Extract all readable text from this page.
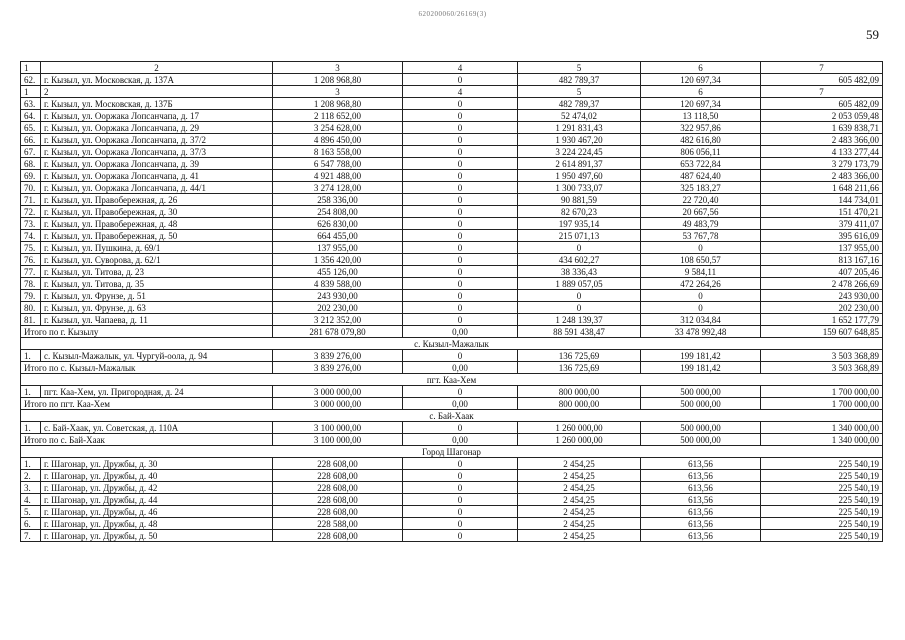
620200060/26169(3)
59
1	2	3	4	5	6	7
62.	г. Кызыл, ул. Московская, д. 137А	1 208 968,80	0	482 789,37	120 697,34	605 482,09
1	2	3	4	5	6	7
63.	г. Кызыл, ул. Московская, д. 137Б	1 208 968,80	0	482 789,37	120 697,34	605 482,09
64.	г. Кызыл, ул. Ооржака Лопсанчапа, д. 17	2 118 652,00	0	52 474,02	13 118,50	2 053 059,48
65.	г. Кызыл, ул. Ооржака Лопсанчапа, д. 29	3 254 628,00	0	1 291 831,43	322 957,86	1 639 838,71
66.	г. Кызыл, ул. Ооржака Лопсанчапа, д. 37/2	4 896 450,00	0	1 930 467,20	482 616,80	2 483 366,00
67.	г. Кызыл, ул. Ооржака Лопсанчапа, д. 37/3	8 163 558,00	0	3 224 224,45	806 056,11	4 133 277,44
68.	г. Кызыл, ул. Ооржака Лопсанчапа, д. 39	6 547 788,00	0	2 614 891,37	653 722,84	3 279 173,79
69.	г. Кызыл, ул. Ооржака Лопсанчапа, д. 41	4 921 488,00	0	1 950 497,60	487 624,40	2 483 366,00
70.	г. Кызыл, ул. Ооржака Лопсанчапа, д. 44/1	3 274 128,00	0	1 300 733,07	325 183,27	1 648 211,66
71.	г. Кызыл, ул. Правобережная, д. 26	258 336,00	0	90 881,59	22 720,40	144 734,01
72.	г. Кызыл, ул. Правобережная, д. 30	254 808,00	0	82 670,23	20 667,56	151 470,21
73.	г. Кызыл, ул. Правобережная, д. 48	626 830,00	0	197 935,14	49 483,79	379 411,07
74.	г. Кызыл, ул. Правобережная, д. 50	664 455,00	0	215 071,13	53 767,78	395 616,09
75.	г. Кызыл, ул. Пушкина, д. 69/1	137 955,00	0	0	0	137 955,00
76.	г. Кызыл, ул. Суворова, д. 62/1	1 356 420,00	0	434 602,27	108 650,57	813 167,16
77.	г. Кызыл, ул. Титова, д. 23	455 126,00	0	38 336,43	9 584,11	407 205,46
78.	г. Кызыл, ул. Титова, д. 35	4 839 588,00	0	1 889 057,05	472 264,26	2 478 266,69
79.	г. Кызыл, ул. Фрунзе, д. 51	243 930,00	0	0	0	243 930,00
80.	г. Кызыл, ул. Фрунзе, д. 63	202 230,00	0	0	0	202 230,00
81.	г. Кызыл, ул. Чапаева, д. 11	3 212 352,00	0	1 248 139,37	312 034,84	1 652 177,79
Итого по г. Кызылу		281 678 079,80	0,00	88 591 438,47	33 478 992,48	159 607 648,85
с. Кызыл-Мажалык						
1.	с. Кызыл-Мажалык, ул. Чургуй-оола, д. 94	3 839 276,00	0	136 725,69	199 181,42	3 503 368,89
Итого по с. Кызыл-Мажалык		3 839 276,00	0,00	136 725,69	199 181,42	3 503 368,89
пгт. Каа-Хем						
1.	пгт. Каа-Хем, ул. Пригородная, д. 24	3 000 000,00	0	800 000,00	500 000,00	1 700 000,00
Итого по пгт. Каа-Хем		3 000 000,00	0,00	800 000,00	500 000,00	1 700 000,00
с. Бай-Хаак						
1.	с. Бай-Хаак, ул. Советская, д. 110А	3 100 000,00	0	1 260 000,00	500 000,00	1 340 000,00
Итого по с. Бай-Хаак		3 100 000,00	0,00	1 260 000,00	500 000,00	1 340 000,00
Город Шагонар						
1.	г. Шагонар, ул. Дружбы, д. 30	228 608,00	0	2 454,25	613,56	225 540,19
2.	г. Шагонар, ул. Дружбы, д. 40	228 608,00	0	2 454,25	613,56	225 540,19
3.	г. Шагонар, ул. Дружбы, д. 42	228 608,00	0	2 454,25	613,56	225 540,19
4.	г. Шагонар, ул. Дружбы, д. 44	228 608,00	0	2 454,25	613,56	225 540,19
5.	г. Шагонар, ул. Дружбы, д. 46	228 608,00	0	2 454,25	613,56	225 540,19
6.	г. Шагонар, ул. Дружбы, д. 48	228 588,00	0	2 454,25	613,56	225 540,19
7.	г. Шагонар, ул. Дружбы, д. 50	228 608,00	0	2 454,25	613,56	225 540,19
